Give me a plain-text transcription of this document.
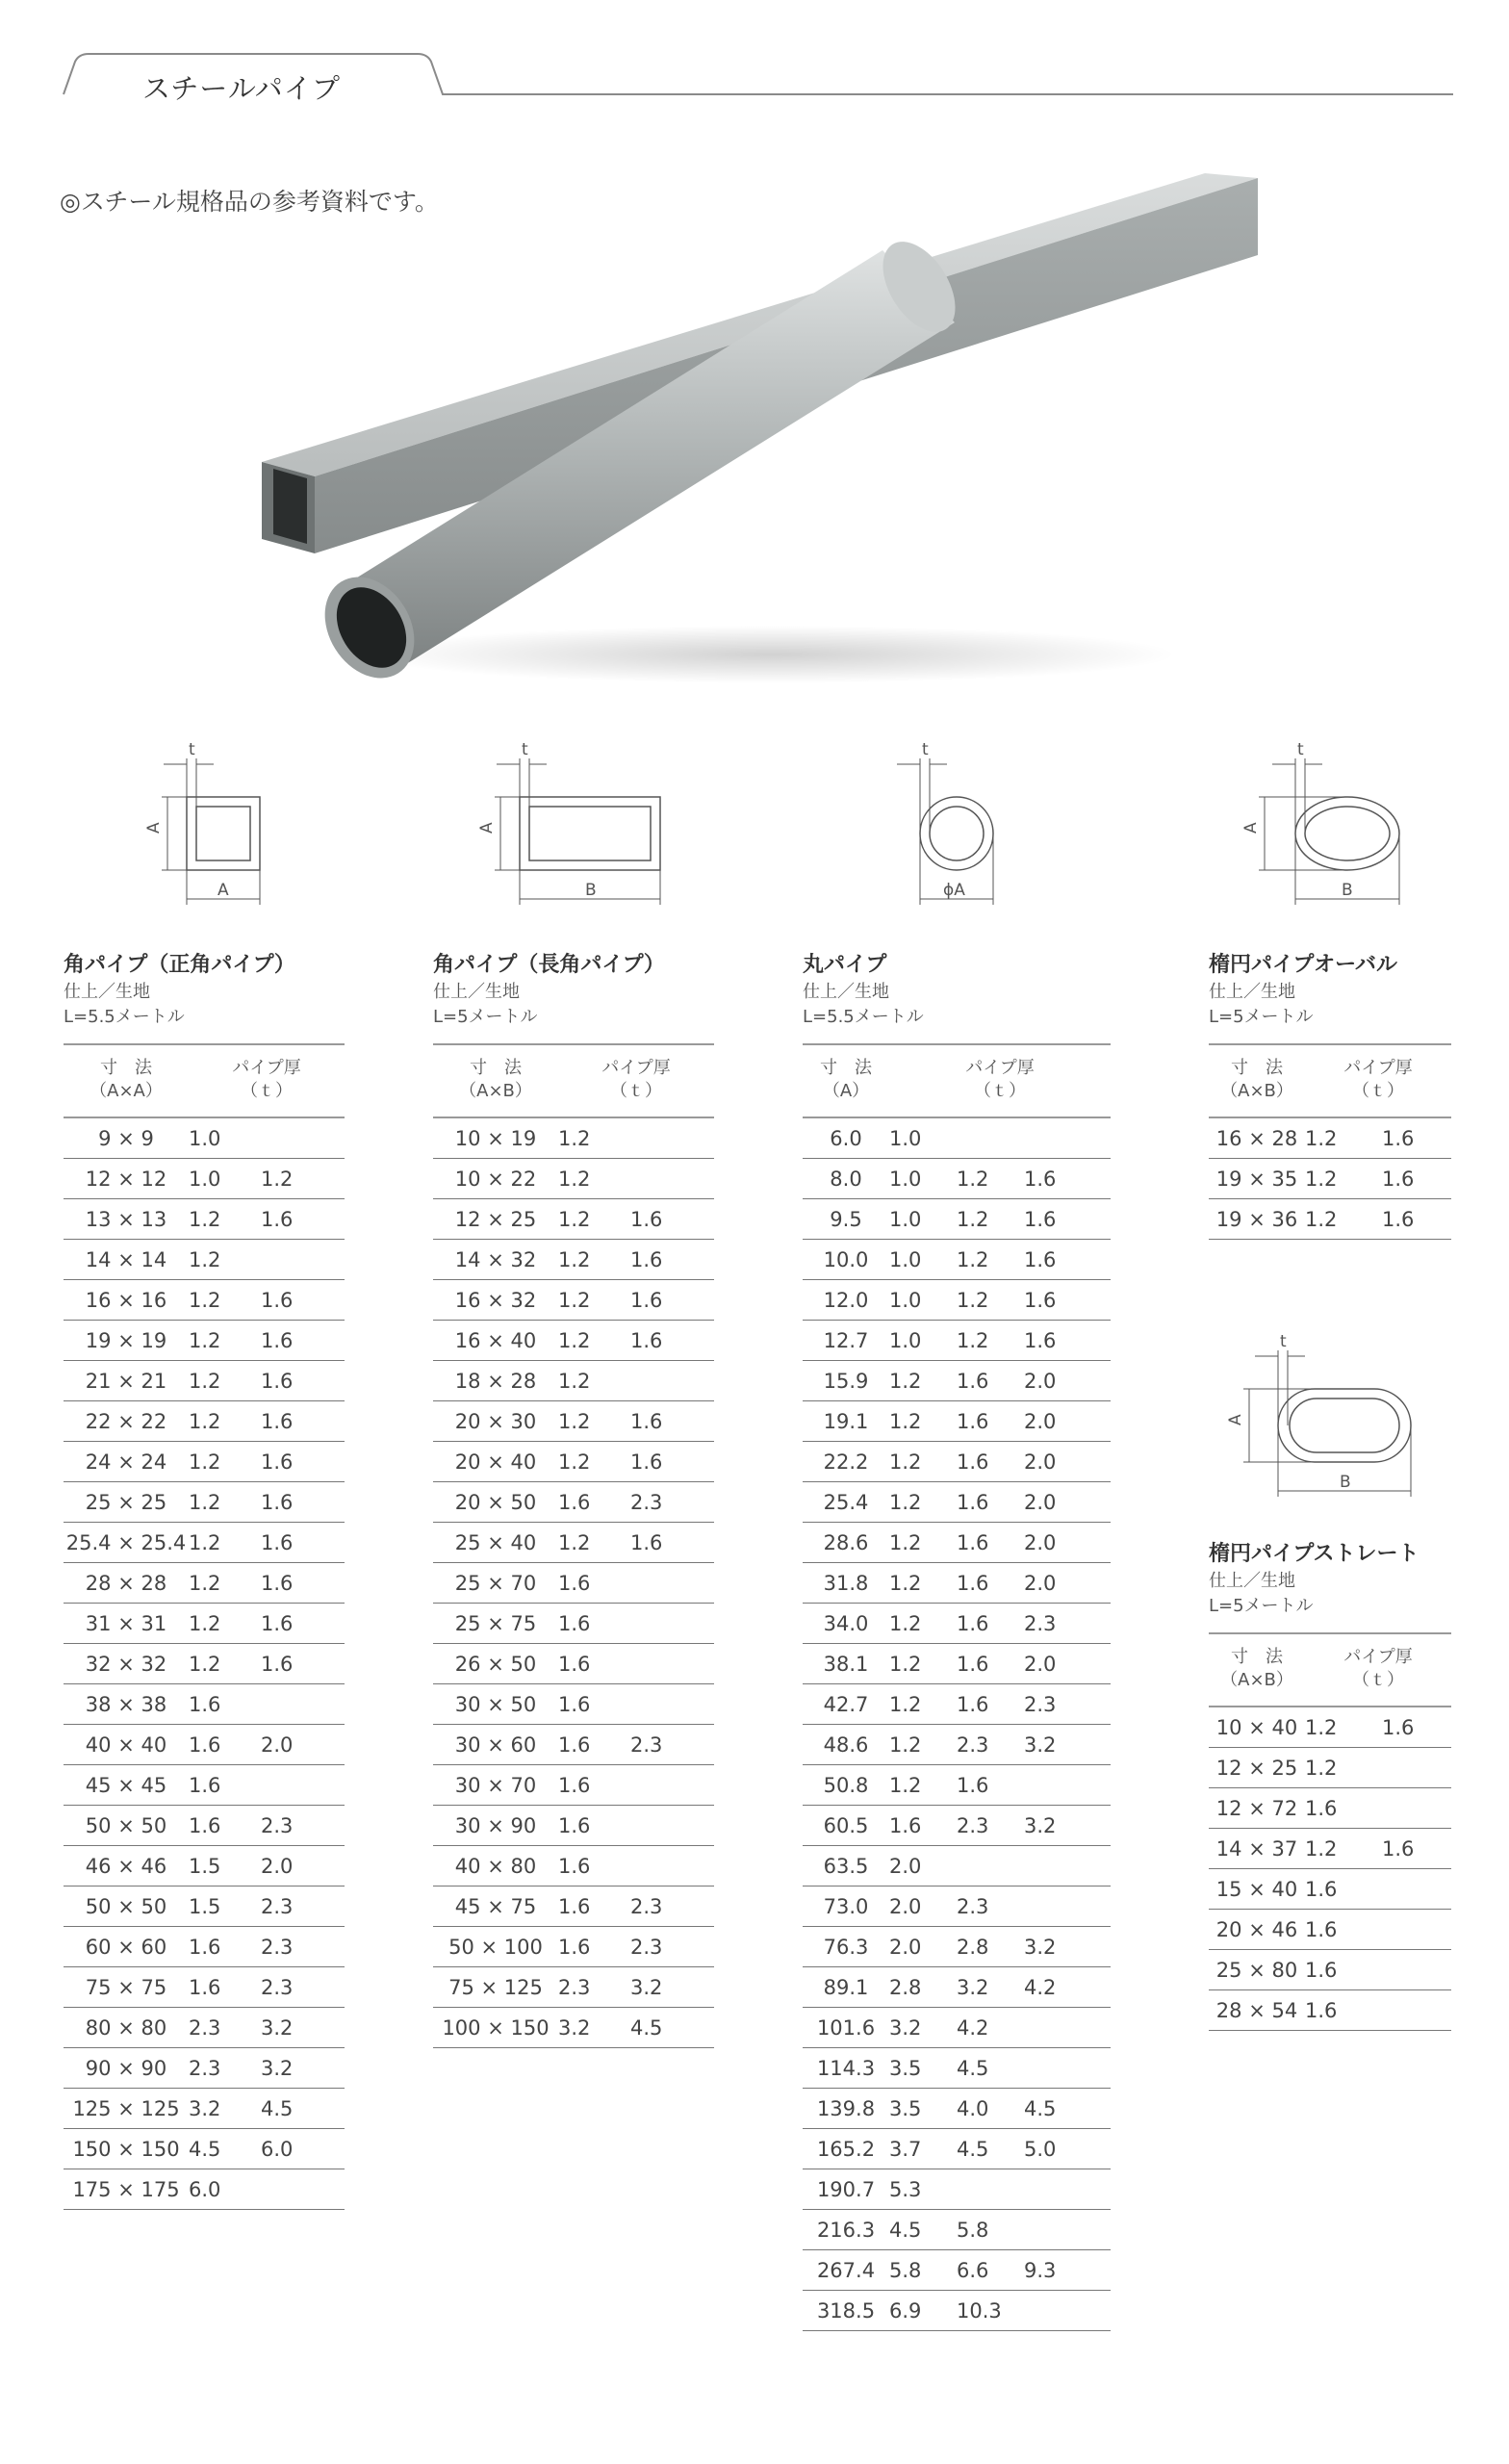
スチールパイプ
◎スチール規格品の参考資料です。
t
A
A
t
A
B
t
ϕA
t
A
B
t
A
B

角パイプ（正角パイプ）

仕上／生地

L=5.5メートル

寸　法
（A×A）	パイプ厚
（ｔ）	
9 × 9	1.0	
12 × 12	1.0	1.2
13 × 13	1.2	1.6
14 × 14	1.2	
16 × 16	1.2	1.6
19 × 19	1.2	1.6
21 × 21	1.2	1.6
22 × 22	1.2	1.6
24 × 24	1.2	1.6
25 × 25	1.2	1.6
25.4 × 25.4	1.2	1.6
28 × 28	1.2	1.6
31 × 31	1.2	1.6
32 × 32	1.2	1.6
38 × 38	1.6	
40 × 40	1.6	2.0
45 × 45	1.6	
50 × 50	1.6	2.3
46 × 46	1.5	2.0
50 × 50	1.5	2.3
60 × 60	1.6	2.3
75 × 75	1.6	2.3
80 × 80	2.3	3.2
90 × 90	2.3	3.2
125 × 125	3.2	4.5
150 × 150	4.5	6.0
175 × 175	6.0	

角パイプ（長角パイプ）

仕上／生地

L=5メートル

寸　法
（A×B）	パイプ厚
（ｔ）	
10 × 19	1.2	
10 × 22	1.2	
12 × 25	1.2	1.6
14 × 32	1.2	1.6
16 × 32	1.2	1.6
16 × 40	1.2	1.6
18 × 28	1.2	
20 × 30	1.2	1.6
20 × 40	1.2	1.6
20 × 50	1.6	2.3
25 × 40	1.2	1.6
25 × 70	1.6	
25 × 75	1.6	
26 × 50	1.6	
30 × 50	1.6	
30 × 60	1.6	2.3
30 × 70	1.6	
30 × 90	1.6	
40 × 80	1.6	
45 × 75	1.6	2.3
50 × 100	1.6	2.3
75 × 125	2.3	3.2
100 × 150	3.2	4.5

丸パイプ

仕上／生地

L=5.5メートル

寸　法
（A）	パイプ厚
（ｔ）		
6.0	1.0		
8.0	1.0	1.2	1.6
9.5	1.0	1.2	1.6
10.0	1.0	1.2	1.6
12.0	1.0	1.2	1.6
12.7	1.0	1.2	1.6
15.9	1.2	1.6	2.0
19.1	1.2	1.6	2.0
22.2	1.2	1.6	2.0
25.4	1.2	1.6	2.0
28.6	1.2	1.6	2.0
31.8	1.2	1.6	2.0
34.0	1.2	1.6	2.3
38.1	1.2	1.6	2.0
42.7	1.2	1.6	2.3
48.6	1.2	2.3	3.2
50.8	1.2	1.6	
60.5	1.6	2.3	3.2
63.5	2.0		
73.0	2.0	2.3	
76.3	2.0	2.8	3.2
89.1	2.8	3.2	4.2
101.6	3.2	4.2	
114.3	3.5	4.5	
139.8	3.5	4.0	4.5
165.2	3.7	4.5	5.0
190.7	5.3		
216.3	4.5	5.8	
267.4	5.8	6.6	9.3
318.5	6.9	10.3	

楕円パイプオーバル

仕上／生地

L=5メートル

寸　法
（A×B）	パイプ厚
（ｔ）	
16 × 28	1.2	1.6
19 × 35	1.2	1.6
19 × 36	1.2	1.6

楕円パイプストレート

仕上／生地

L=5メートル

寸　法
（A×B）	パイプ厚
（ｔ）	
10 × 40	1.2	1.6
12 × 25	1.2	
12 × 72	1.6	
14 × 37	1.2	1.6
15 × 40	1.6	
20 × 46	1.6	
25 × 80	1.6	
28 × 54	1.6	
